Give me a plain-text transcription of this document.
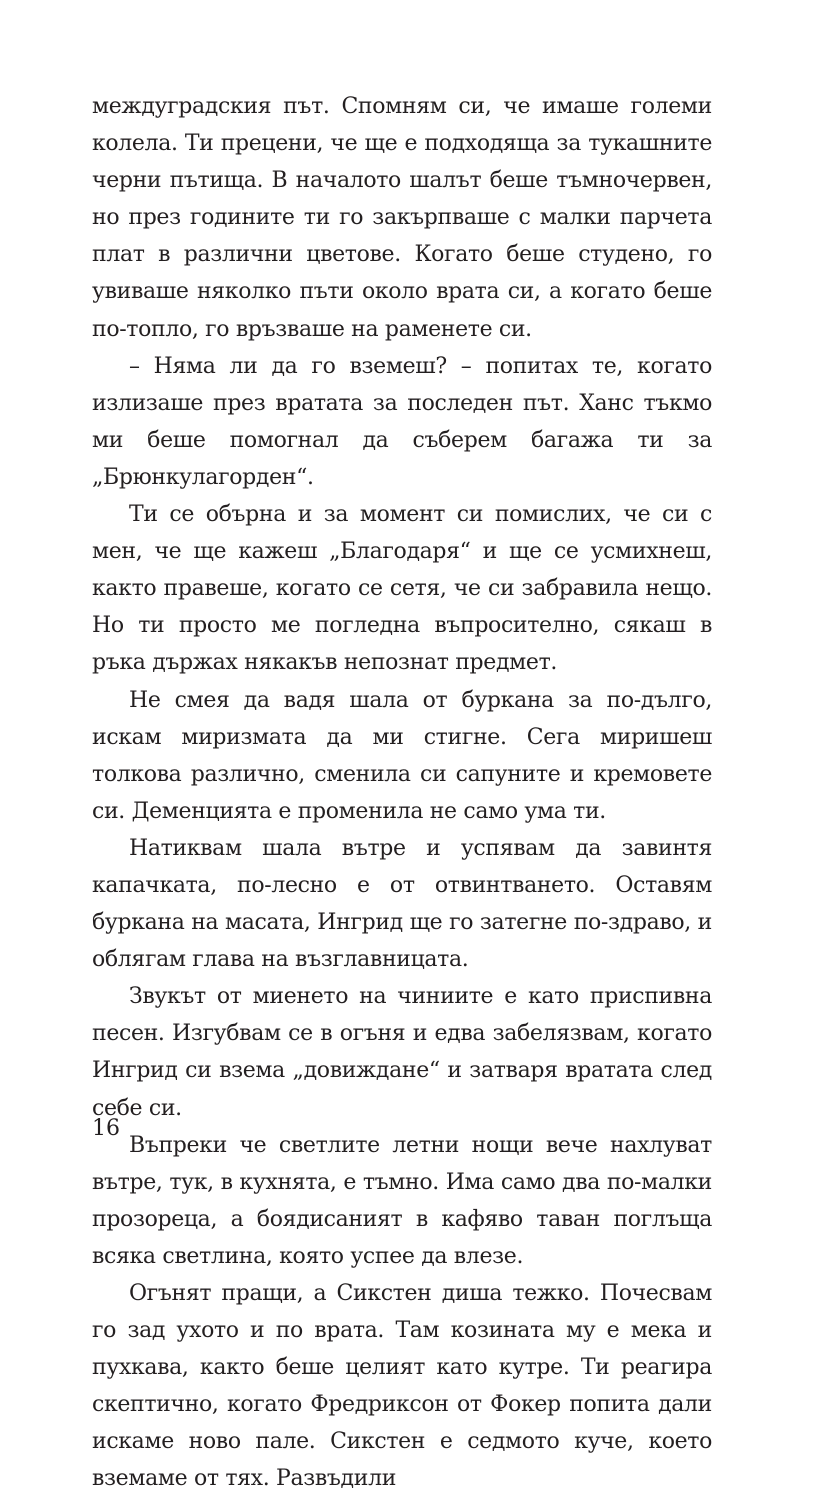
междуградския път. Спомням си, че имаше големи колела. Ти прецени, че ще е подходяща за тукашните черни пътища. В началото шалът беше тъмночервен, но през годините ти го закърпваше с малки парчета плат в различни цветове. Когато беше студено, го увиваше няколко пъти около врата си, а когато беше по-топло, го връзваше на раменете си.

– Няма ли да го вземеш? – попитах те, когато излизаше през вратата за последен път. Ханс тъкмо ми беше помогнал да съберем багажа ти за „Брюнкулагорден“.

Ти се обърна и за момент си помислих, че си с мен, че ще кажеш „Благодаря“ и ще се усмихнеш, както правеше, когато се сетя, че си забравила нещо. Но ти просто ме погледна въпросително, сякаш в ръка държах някакъв непознат предмет.

Не смея да вадя шала от буркана за по-дълго, искам миризмата да ми стигне. Сега миришеш толкова различно, сменила си сапуните и кремовете си. Деменцията е променила не само ума ти.

Натиквам шала вътре и успявам да завинтя капачката, по-лесно е от отвинтването. Оставям буркана на масата, Ингрид ще го затегне по-здраво, и облягам глава на възглавницата.

Звукът от миенето на чиниите е като приспивна песен. Изгубвам се в огъня и едва забелязвам, когато Ингрид си взема „довиждане“ и затваря вратата след себе си.

Въпреки че светлите летни нощи вече нахлуват вътре, тук, в кухнята, е тъмно. Има само два по-малки прозореца, а боядисаният в кафяво таван поглъща всяка светлина, която успее да влезе.

Огънят пращи, а Сикстен диша тежко. Почесвам го зад ухото и по врата. Там козината му е мека и пухкава, както беше целият като кутре. Ти реагира скептично, когато Фредриксон от Фокер попита дали искаме ново пале. Сикстен е седмото куче, което вземаме от тях. Развъдили

16
